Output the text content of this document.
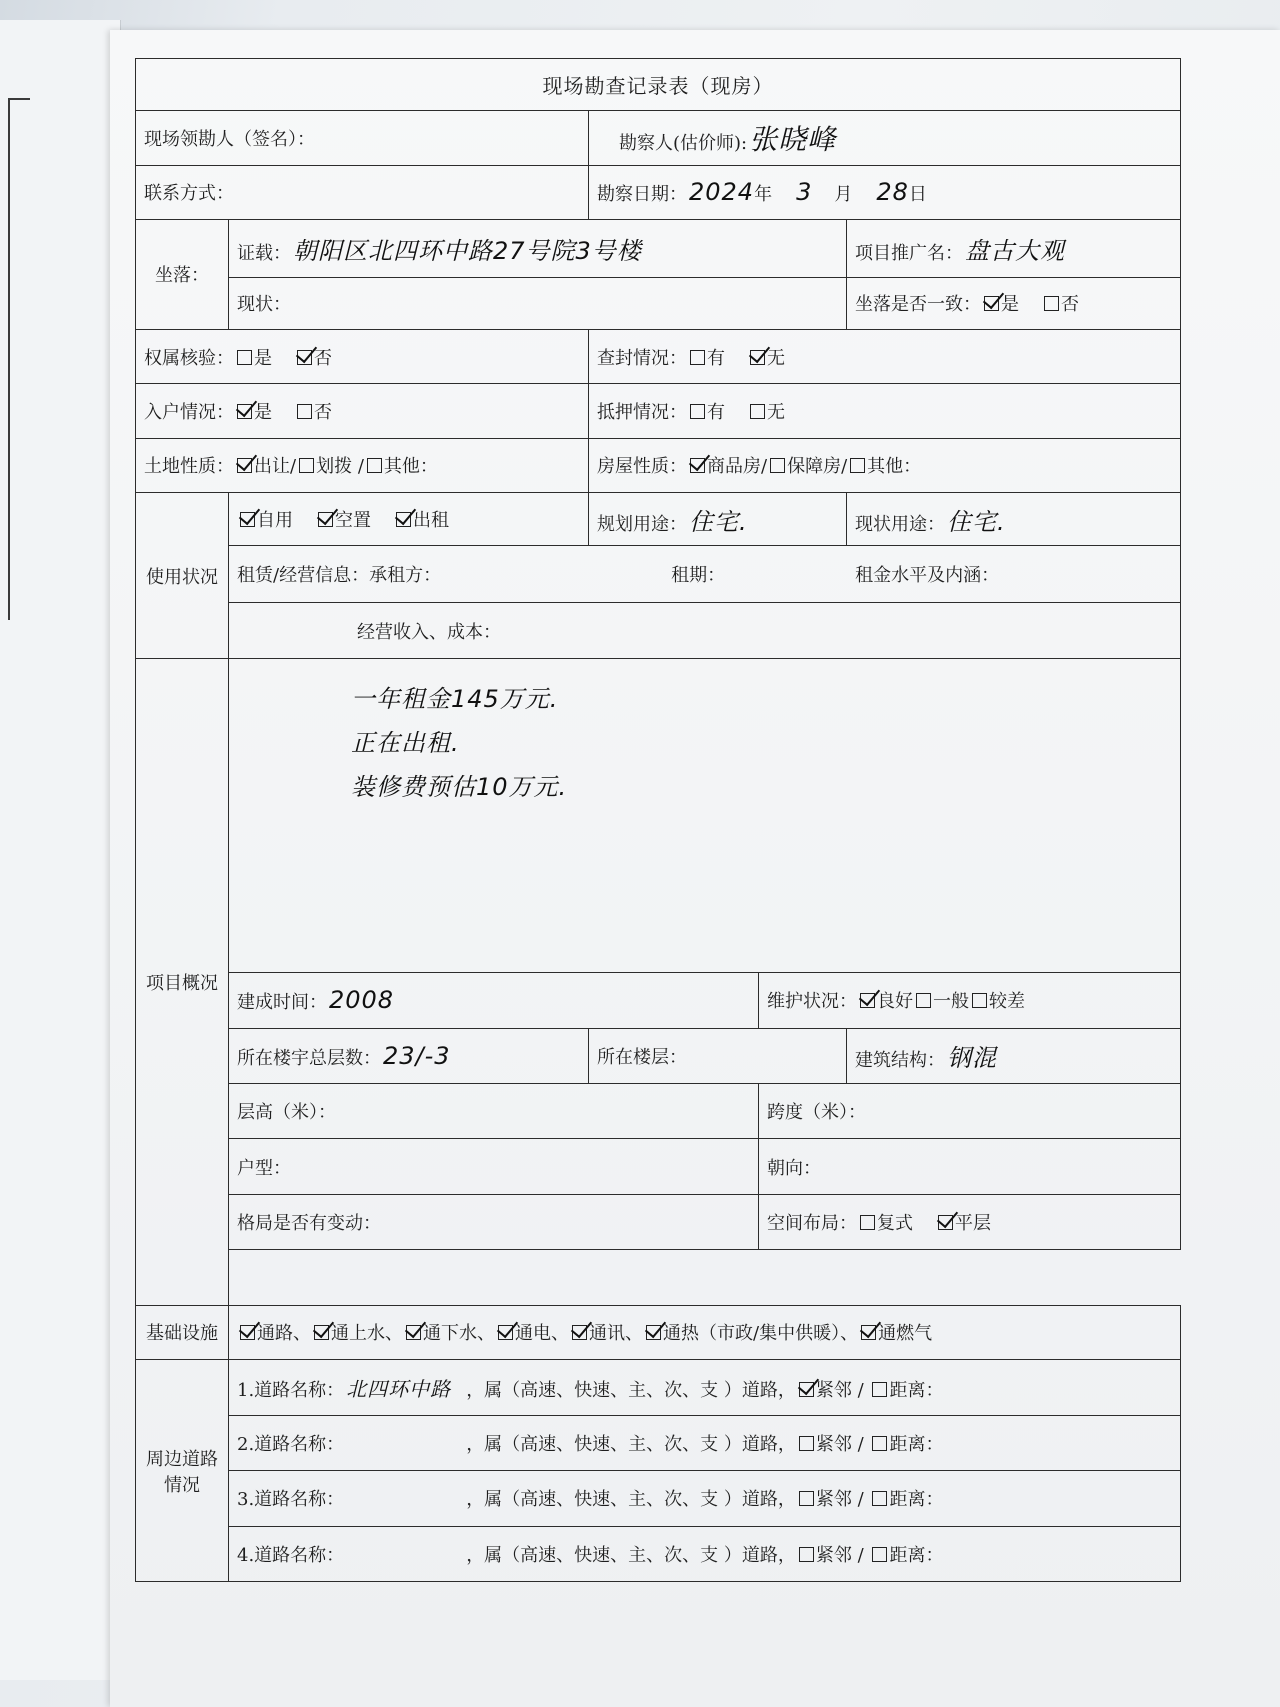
现场勘查记录表（现房）				
现场领勘人（签名）：		勘察人(估价师):张晓峰		
联系方式：		勘察日期：2024年 3 月 28日		
坐落：	证载：朝阳区北四环中路27号院3号楼			项目推广名：盘古大观
	现状：			坐落是否一致： 是 否
权属核验： 是 否		查封情况： 有 无		
入户情况： 是 否		抵押情况： 有 无		
土地性质： 出让/ 划拨 / 其他：		房屋性质： 商品房/ 保障房/ 其他：		
使用状况	自用 空置 出租	规划用途：住宅.		现状用途：住宅.
	租赁/经营信息：承租方： 租期： 租金水平及内涵：			
	经营收入、成本：			
项目概况	一年租金145万元.
正在出租.
装修费预估10万元.			

	建成时间：2008		维护状况： 良好 一般 较差	
	所在楼宇总层数：23/-3	所在楼层：		建筑结构：钢混
	层高（米）：		跨度（米）：	
	户型：		朝向：	
	格局是否有变动：		空间布局： 复式 平层	

基础设施	通路、 通上水、 通下水、 通电、 通讯、 通热（市政/集中供暖）、 通燃气			
周边道路
情况	1.道路名称： 北四环中路 ，属（高速、快速、主、次、支 ）道路， 紧邻 / 距离：			
	2.道路名称： ，属（高速、快速、主、次、支 ）道路， 紧邻 / 距离：			
	3.道路名称： ，属（高速、快速、主、次、支 ）道路， 紧邻 / 距离：			
	4.道路名称： ，属（高速、快速、主、次、支 ）道路， 紧邻 / 距离：			
